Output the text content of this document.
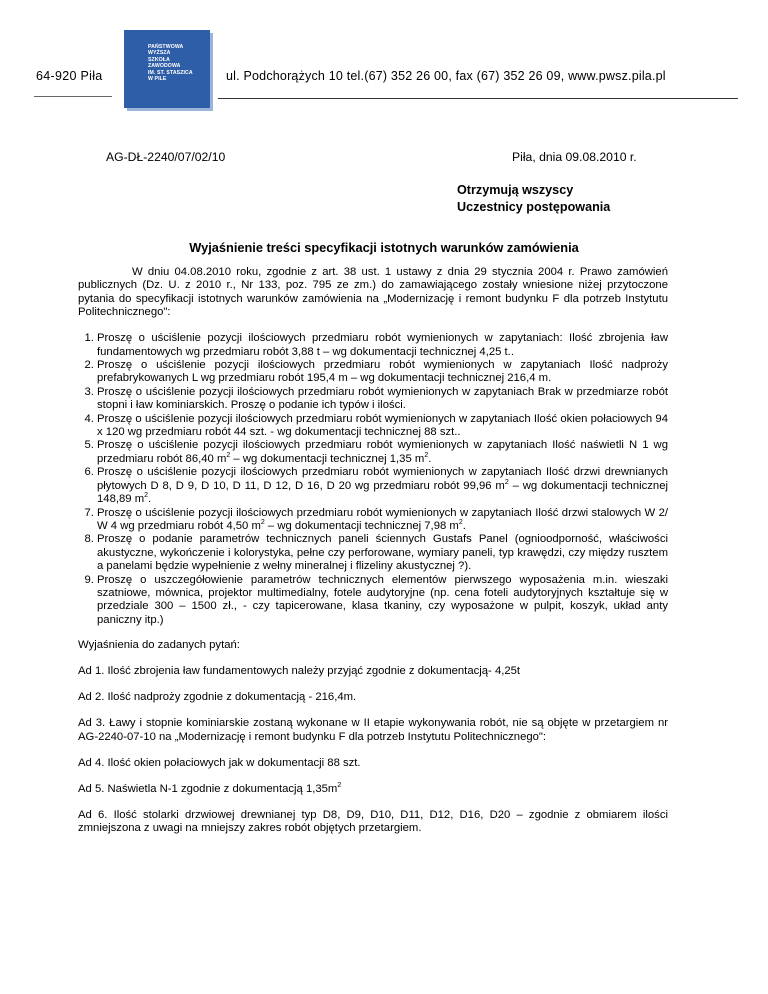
PAŃSTWOWA
WYŻSZA
SZKOŁA
ZAWODOWA
IM. ST. STASZICA
W PILE
64-920 Piła	ul. Podchorążych 10 tel.(67) 352 26 00, fax (67) 352 26 09, www.pwsz.pila.pl
AG-DŁ-2240/07/02/10	Piła, dnia 09.08.2010 r.
Otrzymują wszyscy
Uczestnicy postępowania
Wyjaśnienie treści specyfikacji istotnych warunków zamówienia

W dniu 04.08.2010 roku, zgodnie z art. 38 ust. 1 ustawy z dnia 29 stycznia 2004 r. Prawo zamówień publicznych (Dz. U. z 2010 r., Nr 133, poz. 795 ze zm.) do zamawiającego zostały wniesione niżej przytoczone pytania do specyfikacji istotnych warunków zamówienia na „Modernizację i remont budynku F dla potrzeb Instytutu Politechnicznego":

1. Proszę o uściślenie pozycji ilościowych przedmiaru robót wymienionych w zapytaniach: Ilość zbrojenia ław fundamentowych wg przedmiaru robót 3,88 t – wg dokumentacji technicznej 4,25 t..
2. Proszę o uściślenie pozycji ilościowych przedmiaru robót wymienionych w zapytaniach Ilość nadproży prefabrykowanych L wg przedmiaru robót 195,4 m – wg dokumentacji technicznej 216,4 m.
3. Proszę o uściślenie pozycji ilościowych przedmiaru robót wymienionych w zapytaniach Brak w przedmiarze robót stopni i ław kominiarskich. Proszę o podanie ich typów i ilości.
4. Proszę o uściślenie pozycji ilościowych przedmiaru robót wymienionych w zapytaniach Ilość okien połaciowych 94 x 120 wg przedmiaru robót 44 szt. - wg dokumentacji technicznej 88 szt..
5. Proszę o uściślenie pozycji ilościowych przedmiaru robót wymienionych w zapytaniach Ilość naświetli N 1 wg przedmiaru robót 86,40 $m^2$ – wg dokumentacji technicznej 1,35 $m^2$.
6. Proszę o uściślenie pozycji ilościowych przedmiaru robót wymienionych w zapytaniach Ilość drzwi drewnianych płytowych D 8, D 9, D 10, D 11, D 12, D 16, D 20 wg przedmiaru robót 99,96 $m^2$ – wg dokumentacji technicznej 148,89 $m^2$.
7. Proszę o uściślenie pozycji ilościowych przedmiaru robót wymienionych w zapytaniach Ilość drzwi stalowych W 2/ W 4 wg przedmiaru robót 4,50 $m^2$ – wg dokumentacji technicznej 7,98 $m^2$.
8. Proszę o podanie parametrów technicznych paneli ściennych Gustafs Panel (ognioodporność, właściwości akustyczne, wykończenie i kolorystyka, pełne czy perforowane, wymiary paneli, typ krawędzi, czy między rusztem a panelami będzie wypełnienie z wełny mineralnej i flizeliny akustycznej ?).
9. Proszę o uszczegółowienie parametrów technicznych elementów pierwszego wyposażenia m.in. wieszaki szatniowe, mównica, projektor multimedialny, fotele audytoryjne (np. cena foteli audytoryjnych kształtuje się w przedziale 300 – 1500 zł., - czy tapicerowane, klasa tkaniny, czy wyposażone w pulpit, koszyk, układ anty paniczny itp.)

Wyjaśnienia do zadanych pytań:

Ad 1. Ilość zbrojenia ław fundamentowych należy przyjąć zgodnie z dokumentacją- 4,25t

Ad 2. Ilość nadproży zgodnie z dokumentacją - 216,4m.

Ad 3. Ławy i stopnie kominiarskie zostaną wykonane w II etapie wykonywania robót, nie są objęte w przetargiem nr AG-2240-07-10 na „Modernizację i remont budynku F dla potrzeb Instytutu Politechnicznego":

Ad 4. Ilość okien połaciowych jak w dokumentacji 88 szt.

Ad 5. Naświetla N-1 zgodnie z dokumentacją $1,35m^2$

Ad 6. Ilość stolarki drzwiowej drewnianej typ D8, D9, D10, D11, D12, D16, D20 – zgodnie z obmiarem ilości zmniejszona z uwagi na mniejszy zakres robót objętych przetargiem.
